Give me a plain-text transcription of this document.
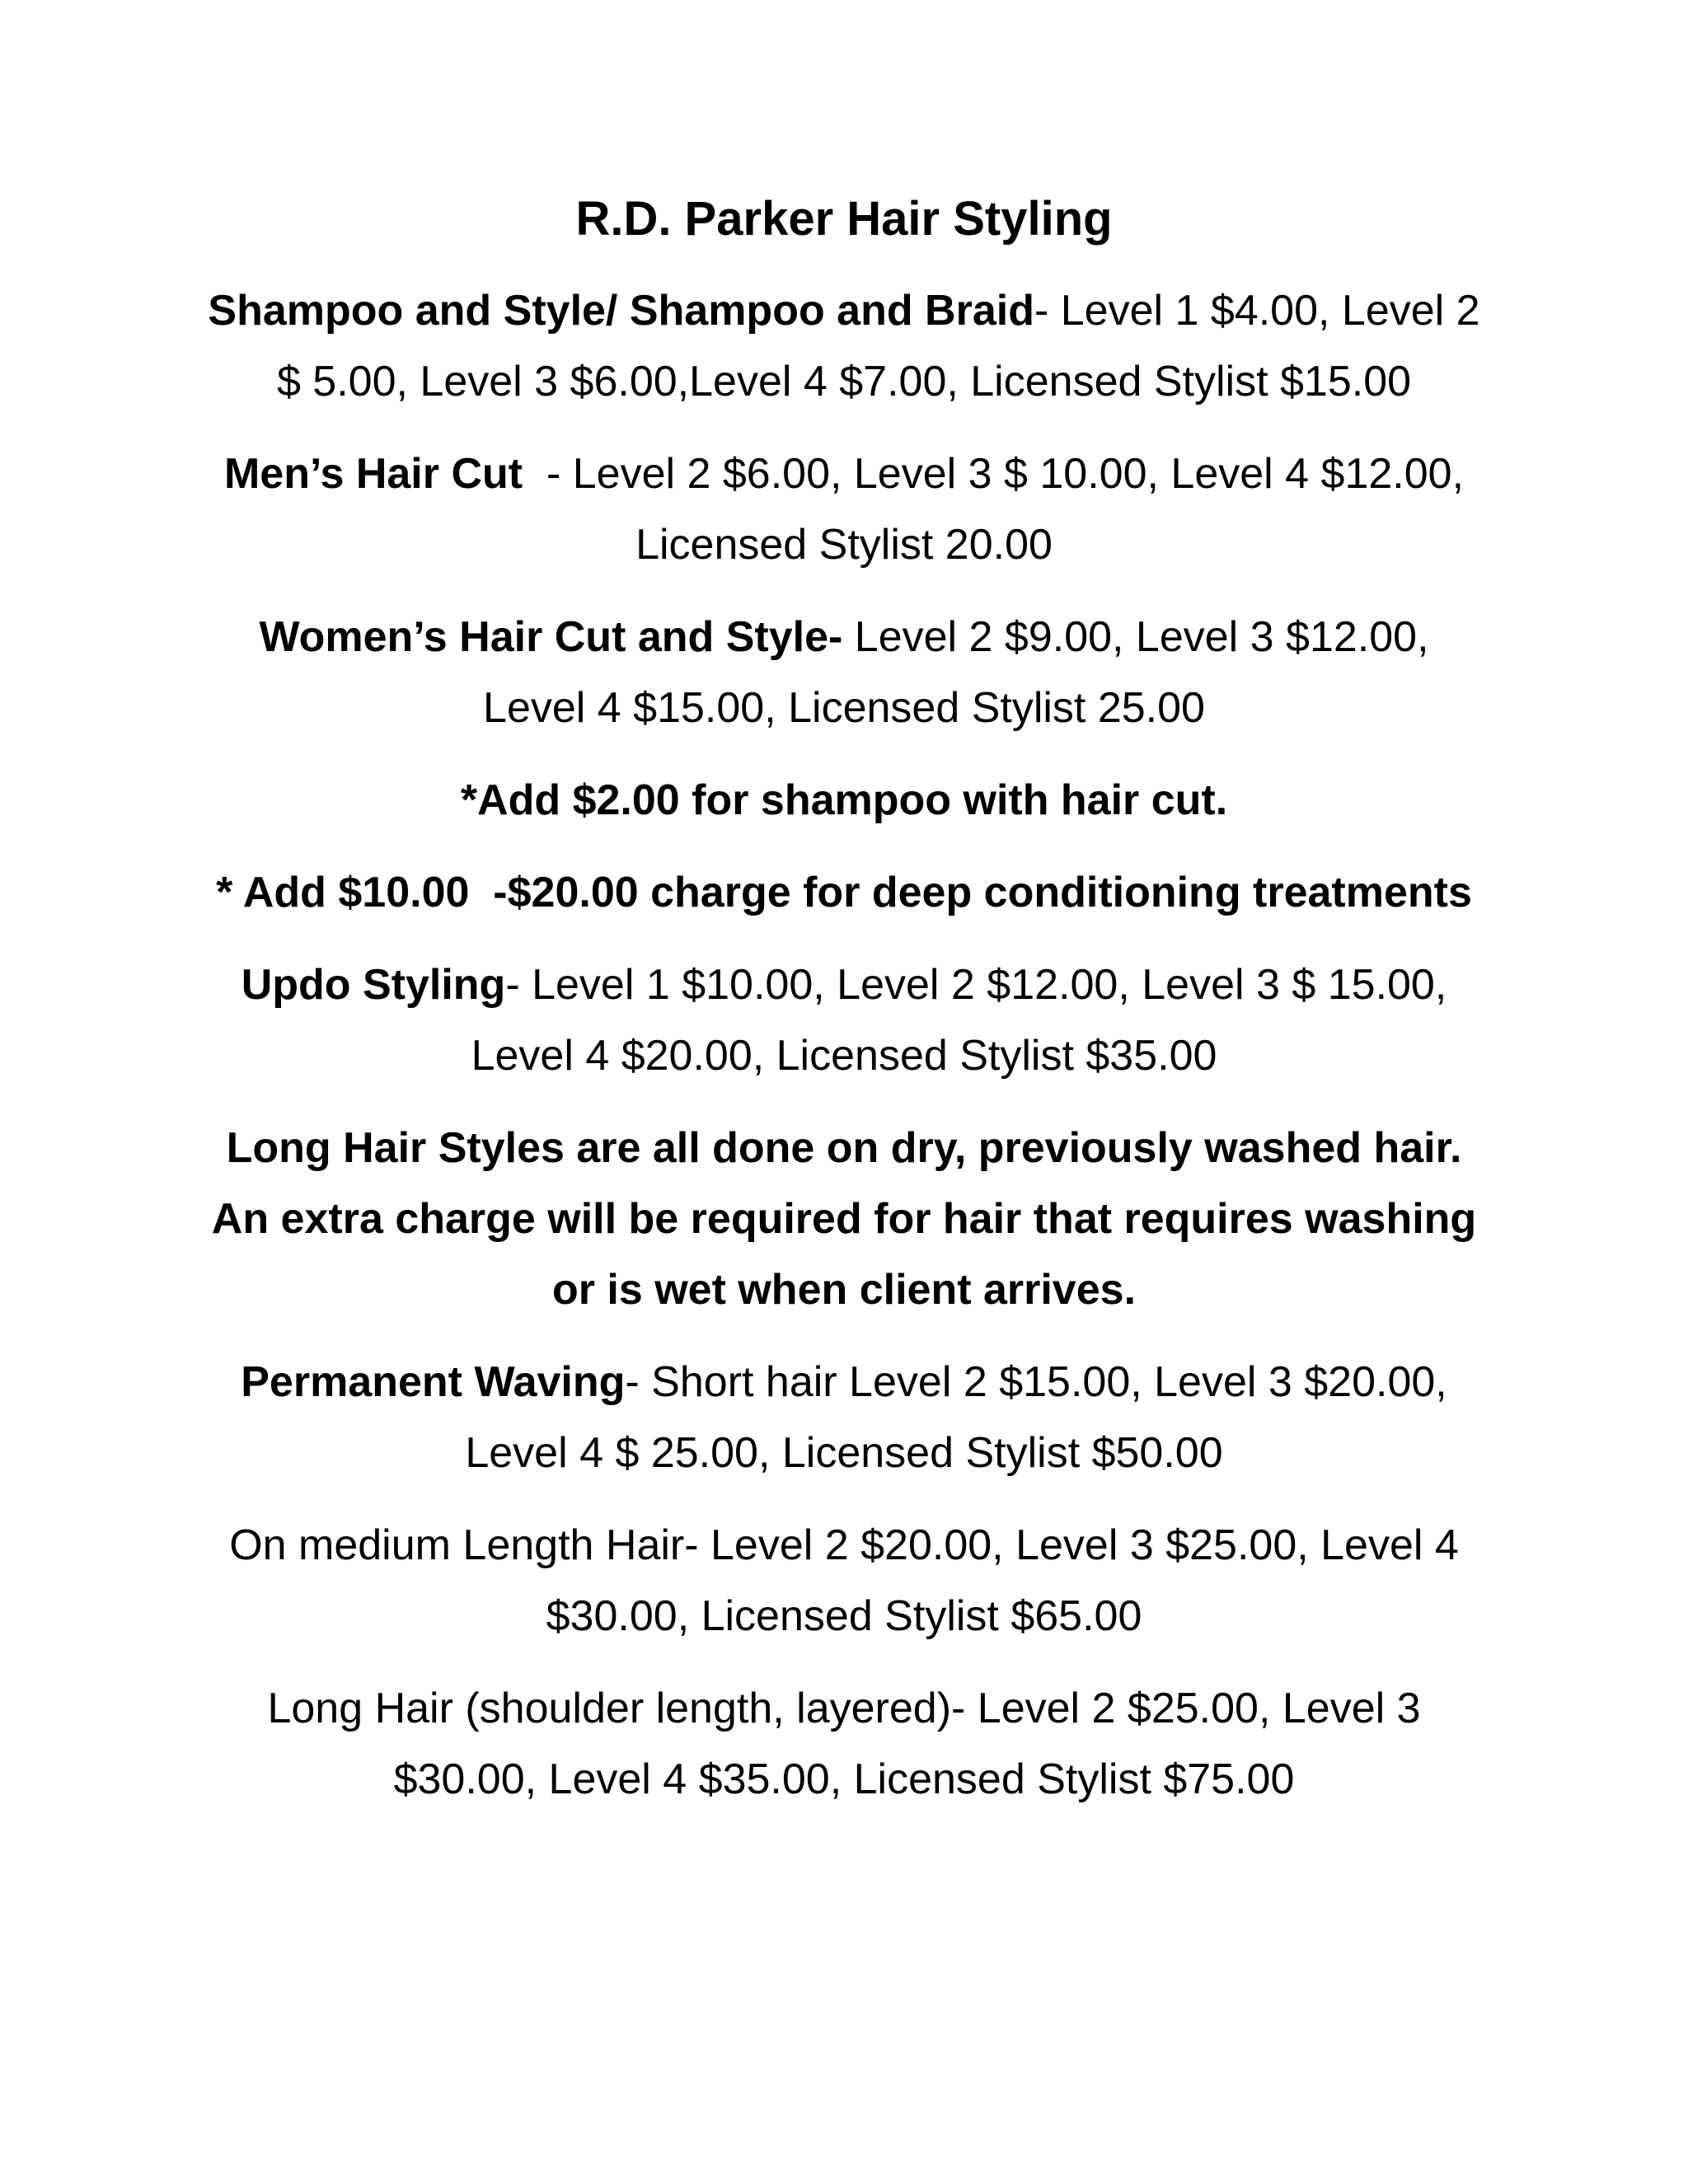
R.D. Parker Hair Styling
Shampoo and Style/ Shampoo and Braid- Level 1 $4.00, Level 2
$ 5.00, Level 3 $6.00,Level 4 $7.00, Licensed Stylist $15.00
Men’s Hair Cut  - Level 2 $6.00, Level 3 $ 10.00, Level 4 $12.00,
Licensed Stylist 20.00
Women’s Hair Cut and Style- Level 2 $9.00, Level 3 $12.00,
Level 4 $15.00, Licensed Stylist 25.00
*Add $2.00 for shampoo with hair cut.
* Add $10.00  -$20.00 charge for deep conditioning treatments
Updo Styling- Level 1 $10.00, Level 2 $12.00, Level 3 $ 15.00,
Level 4 $20.00, Licensed Stylist $35.00
Long Hair Styles are all done on dry, previously washed hair.
An extra charge will be required for hair that requires washing
or is wet when client arrives.
Permanent Waving- Short hair Level 2 $15.00, Level 3 $20.00,
Level 4 $ 25.00, Licensed Stylist $50.00
On medium Length Hair- Level 2 $20.00, Level 3 $25.00, Level 4
$30.00, Licensed Stylist $65.00
Long Hair (shoulder length, layered)- Level 2 $25.00, Level 3
$30.00, Level 4 $35.00, Licensed Stylist $75.00
